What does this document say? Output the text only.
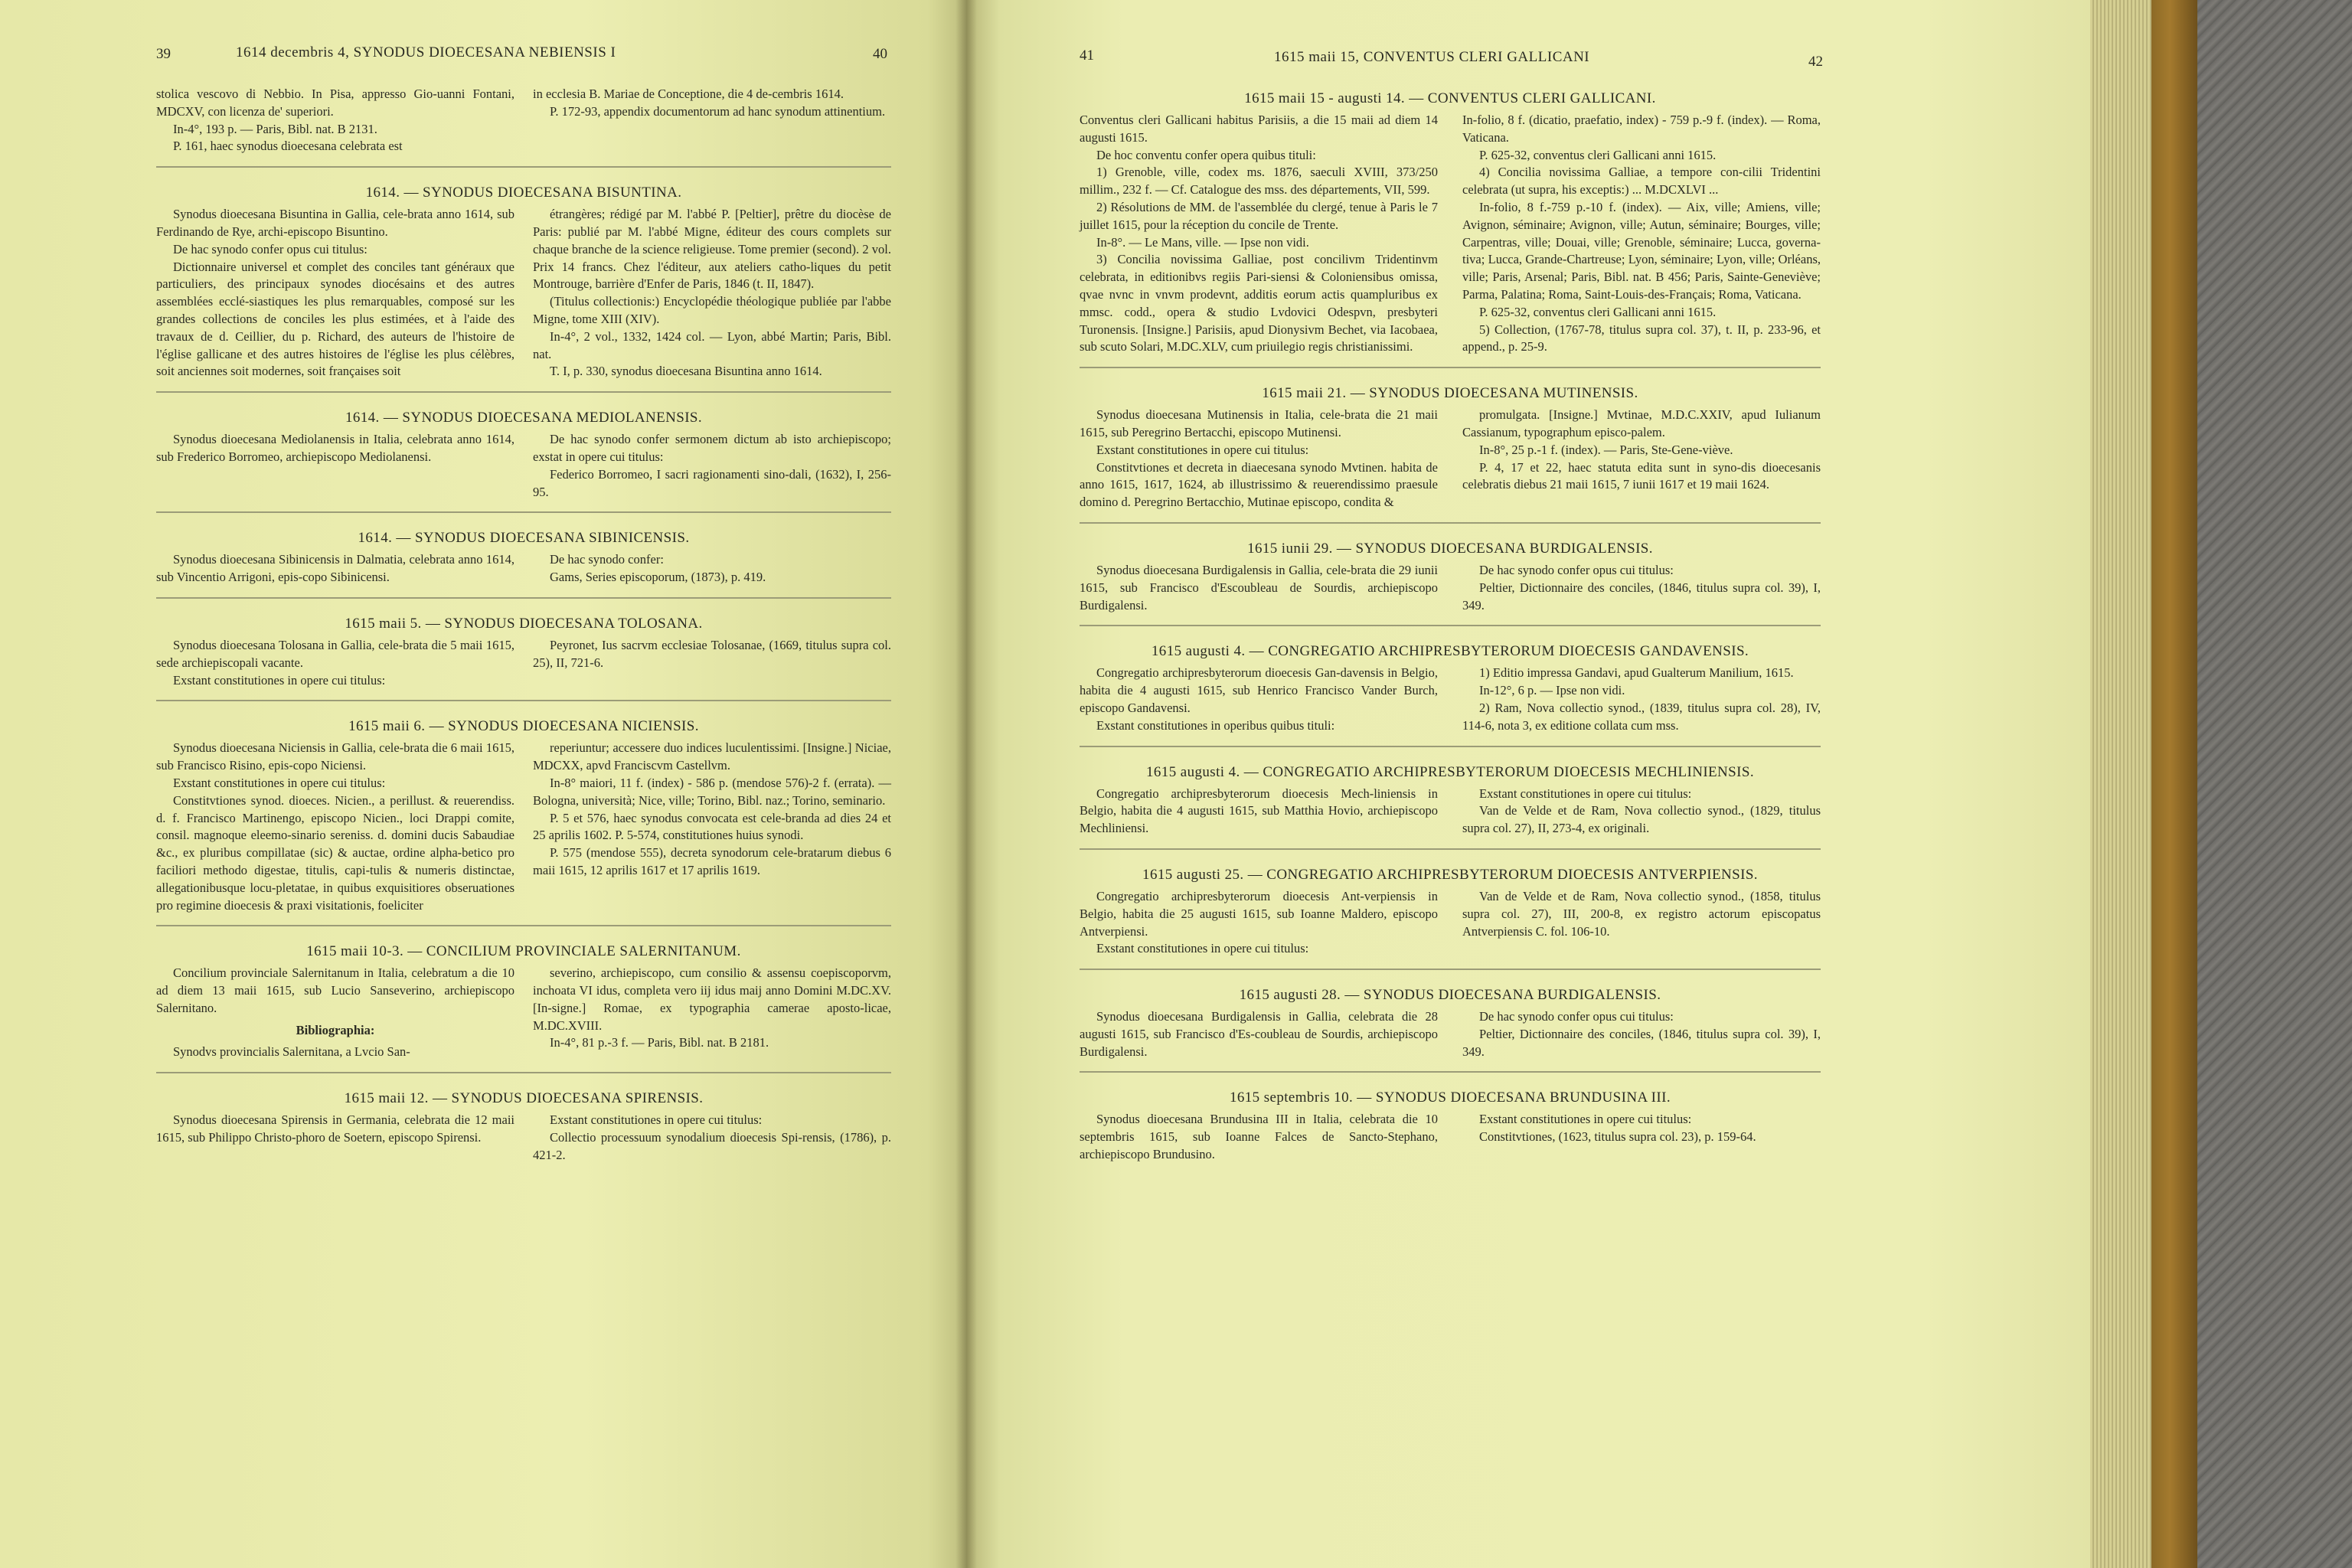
39	1614 decembris 4, SYNODUS DIOECESANA NEBIENSIS I	40

stolica vescovo di Nebbio. In Pisa, appresso Gio-uanni Fontani, MDCXV, con licenza de' superiori.

In-4°, 193 p. — Paris, Bibl. nat. B 2131.

P. 161, haec synodus dioecesana celebrata est

in ecclesia B. Mariae de Conceptione, die 4 de-cembris 1614.

P. 172-93, appendix documentorum ad hanc synodum attinentium.

1614. — SYNODUS DIOECESANA BISUNTINA.

Synodus dioecesana Bisuntina in Gallia, cele-brata anno 1614, sub Ferdinando de Rye, archi-episcopo Bisuntino.

De hac synodo confer opus cui titulus:

Dictionnaire universel et complet des conciles tant généraux que particuliers, des principaux synodes diocésains et des autres assemblées ecclé-siastiques les plus remarquables, composé sur les grandes collections de conciles les plus estimées, et à l'aide des travaux de d. Ceillier, du p. Richard, des auteurs de l'histoire de l'église gallicane et des autres histoires de l'église les plus célèbres, soit anciennes soit modernes, soit françaises soit

étrangères; rédigé par M. l'abbé P. [Peltier], prêtre du diocèse de Paris: publié par M. l'abbé Migne, éditeur des cours complets sur chaque branche de la science religieuse. Tome premier (second). 2 vol. Prix 14 francs. Chez l'éditeur, aux ateliers catho-liques du petit Montrouge, barrière d'Enfer de Paris, 1846 (t. II, 1847).

(Titulus collectionis:) Encyclopédie théologique publiée par l'abbe Migne, tome XIII (XIV).

In-4°, 2 vol., 1332, 1424 col. — Lyon, abbé Martin; Paris, Bibl. nat.

T. I, p. 330, synodus dioecesana Bisuntina anno 1614.

1614. — SYNODUS DIOECESANA MEDIOLANENSIS.

Synodus dioecesana Mediolanensis in Italia, celebrata anno 1614, sub Frederico Borromeo, archiepiscopo Mediolanensi.

De hac synodo confer sermonem dictum ab isto archiepiscopo; exstat in opere cui titulus:

Federico Borromeo, I sacri ragionamenti sino-dali, (1632), I, 256-95.

1614. — SYNODUS DIOECESANA SIBINICENSIS.

Synodus dioecesana Sibinicensis in Dalmatia, celebrata anno 1614, sub Vincentio Arrigoni, epis-copo Sibinicensi.

De hac synodo confer:

Gams, Series episcoporum, (1873), p. 419.

1615 maii 5. — SYNODUS DIOECESANA TOLOSANA.

Synodus dioecesana Tolosana in Gallia, cele-brata die 5 maii 1615, sede archiepiscopali vacante.

Exstant constitutiones in opere cui titulus:

Peyronet, Ius sacrvm ecclesiae Tolosanae, (1669, titulus supra col. 25), II, 721-6.

1615 maii 6. — SYNODUS DIOECESANA NICIENSIS.

Synodus dioecesana Niciensis in Gallia, cele-brata die 6 maii 1615, sub Francisco Risino, epis-copo Niciensi.

Exstant constitutiones in opere cui titulus:

Constitvtiones synod. dioeces. Nicien., a perillust. & reuerendiss. d. f. Francisco Martinengo, episcopo Nicien., loci Drappi comite, consil. magnoque eleemo-sinario sereniss. d. domini ducis Sabaudiae &c., ex pluribus compillatae (sic) & auctae, ordine alpha-betico pro faciliori methodo digestae, titulis, capi-tulis & numeris distinctae, allegationibusque locu-pletatae, in quibus exquisitiores obseruationes pro regimine dioecesis & praxi visitationis, foeliciter

reperiuntur; accessere duo indices luculentissimi. [Insigne.] Niciae, MDCXX, apvd Franciscvm Castellvm.

In-8° maiori, 11 f. (index) - 586 p. (mendose 576)-2 f. (errata). — Bologna, università; Nice, ville; Torino, Bibl. naz.; Torino, seminario.

P. 5 et 576, haec synodus convocata est cele-branda ad dies 24 et 25 aprilis 1602. P. 5-574, constitutiones huius synodi.

P. 575 (mendose 555), decreta synodorum cele-bratarum diebus 6 maii 1615, 12 aprilis 1617 et 17 aprilis 1619.

1615 maii 10-3. — CONCILIUM PROVINCIALE SALERNITANUM.

Concilium provinciale Salernitanum in Italia, celebratum a die 10 ad diem 13 maii 1615, sub Lucio Sanseverino, archiepiscopo Salernitano.

Bibliographia:

Synodvs provincialis Salernitana, a Lvcio San-

severino, archiepiscopo, cum consilio & assensu coepiscoporvm, inchoata VI idus, completa vero iij idus maij anno Domini M.DC.XV. [In-signe.] Romae, ex typographia camerae aposto-licae, M.DC.XVIII.

In-4°, 81 p.-3 f. — Paris, Bibl. nat. B 2181.

1615 maii 12. — SYNODUS DIOECESANA SPIRENSIS.

Synodus dioecesana Spirensis in Germania, celebrata die 12 maii 1615, sub Philippo Christo-phoro de Soetern, episcopo Spirensi.

Exstant constitutiones in opere cui titulus:

Collectio processuum synodalium dioecesis Spi-rensis, (1786), p. 421-2.

41	1615 maii 15, CONVENTUS CLERI GALLICANI	42
1615 maii 15 - augusti 14. — CONVENTUS CLERI GALLICANI.

Conventus cleri Gallicani habitus Parisiis, a die 15 maii ad diem 14 augusti 1615.

De hoc conventu confer opera quibus tituli:

1) Grenoble, ville, codex ms. 1876, saeculi XVIII, 373/250 millim., 232 f. — Cf. Catalogue des mss. des départements, VII, 599.

2) Résolutions de MM. de l'assemblée du clergé, tenue à Paris le 7 juillet 1615, pour la réception du concile de Trente.

In-8°. — Le Mans, ville. — Ipse non vidi.

3) Concilia novissima Galliae, post concilivm Tridentinvm celebrata, in editionibvs regiis Pari-siensi & Coloniensibus omissa, qvae nvnc in vnvm prodevnt, additis eorum actis quampluribus ex mmsc. codd., opera & studio Lvdovici Odespvn, presbyteri Turonensis. [Insigne.] Parisiis, apud Dionysivm Bechet, via Iacobaea, sub scuto Solari, M.DC.XLV, cum priuilegio regis christianissimi.

In-folio, 8 f. (dicatio, praefatio, index) - 759 p.-9 f. (index). — Roma, Vaticana.

P. 625-32, conventus cleri Gallicani anni 1615.

4) Concilia novissima Galliae, a tempore con-cilii Tridentini celebrata (ut supra, his exceptis:) ... M.DCXLVI ...

In-folio, 8 f.-759 p.-10 f. (index). — Aix, ville; Amiens, ville; Avignon, séminaire; Avignon, ville; Autun, séminaire; Bourges, ville; Carpentras, ville; Douai, ville; Grenoble, séminaire; Lucca, governa-tiva; Lucca, Grande-Chartreuse; Lyon, séminaire; Lyon, ville; Orléans, ville; Paris, Arsenal; Paris, Bibl. nat. B 456; Paris, Sainte-Geneviève; Parma, Palatina; Roma, Saint-Louis-des-Français; Roma, Vaticana.

P. 625-32, conventus cleri Gallicani anni 1615.

5) Collection, (1767-78, titulus supra col. 37), t. II, p. 233-96, et append., p. 25-9.

1615 maii 21. — SYNODUS DIOECESANA MUTINENSIS.

Synodus dioecesana Mutinensis in Italia, cele-brata die 21 maii 1615, sub Peregrino Bertacchi, episcopo Mutinensi.

Exstant constitutiones in opere cui titulus:

Constitvtiones et decreta in diaecesana synodo Mvtinen. habita de anno 1615, 1617, 1624, ab illustrissimo & reuerendissimo praesule domino d. Peregrino Bertacchio, Mutinae episcopo, condita &

promulgata. [Insigne.] Mvtinae, M.D.C.XXIV, apud Iulianum Cassianum, typographum episco-palem.

In-8°, 25 p.-1 f. (index). — Paris, Ste-Gene-viève.

P. 4, 17 et 22, haec statuta edita sunt in syno-dis dioecesanis celebratis diebus 21 maii 1615, 7 iunii 1617 et 19 maii 1624.

1615 iunii 29. — SYNODUS DIOECESANA BURDIGALENSIS.

Synodus dioecesana Burdigalensis in Gallia, cele-brata die 29 iunii 1615, sub Francisco d'Escoubleau de Sourdis, archiepiscopo Burdigalensi.

De hac synodo confer opus cui titulus:

Peltier, Dictionnaire des conciles, (1846, titulus supra col. 39), I, 349.

1615 augusti 4. — CONGREGATIO ARCHIPRESBYTERORUM DIOECESIS GANDAVENSIS.

Congregatio archipresbyterorum dioecesis Gan-davensis in Belgio, habita die 4 augusti 1615, sub Henrico Francisco Vander Burch, episcopo Gandavensi.

Exstant constitutiones in operibus quibus tituli:

1) Editio impressa Gandavi, apud Gualterum Manilium, 1615.

In-12°, 6 p. — Ipse non vidi.

2) Ram, Nova collectio synod., (1839, titulus supra col. 28), IV, 114-6, nota 3, ex editione collata cum mss.

1615 augusti 4. — CONGREGATIO ARCHIPRESBYTERORUM DIOECESIS MECHLINIENSIS.

Congregatio archipresbyterorum dioecesis Mech-liniensis in Belgio, habita die 4 augusti 1615, sub Matthia Hovio, archiepiscopo Mechliniensi.

Exstant constitutiones in opere cui titulus:

Van de Velde et de Ram, Nova collectio synod., (1829, titulus supra col. 27), II, 273-4, ex originali.

1615 augusti 25. — CONGREGATIO ARCHIPRESBYTERORUM DIOECESIS ANTVERPIENSIS.

Congregatio archipresbyterorum dioecesis Ant-verpiensis in Belgio, habita die 25 augusti 1615, sub Ioanne Maldero, episcopo Antverpiensi.

Exstant constitutiones in opere cui titulus:

Van de Velde et de Ram, Nova collectio synod., (1858, titulus supra col. 27), III, 200-8, ex registro actorum episcopatus Antverpiensis C. fol. 106-10.

1615 augusti 28. — SYNODUS DIOECESANA BURDIGALENSIS.

Synodus dioecesana Burdigalensis in Gallia, celebrata die 28 augusti 1615, sub Francisco d'Es-coubleau de Sourdis, archiepiscopo Burdigalensi.

De hac synodo confer opus cui titulus:

Peltier, Dictionnaire des conciles, (1846, titulus supra col. 39), I, 349.

1615 septembris 10. — SYNODUS DIOECESANA BRUNDUSINA III.

Synodus dioecesana Brundusina III in Italia, celebrata die 10 septembris 1615, sub Ioanne Falces de Sancto-Stephano, archiepiscopo Brundusino.

Exstant constitutiones in opere cui titulus:

Constitvtiones, (1623, titulus supra col. 23), p. 159-64.
